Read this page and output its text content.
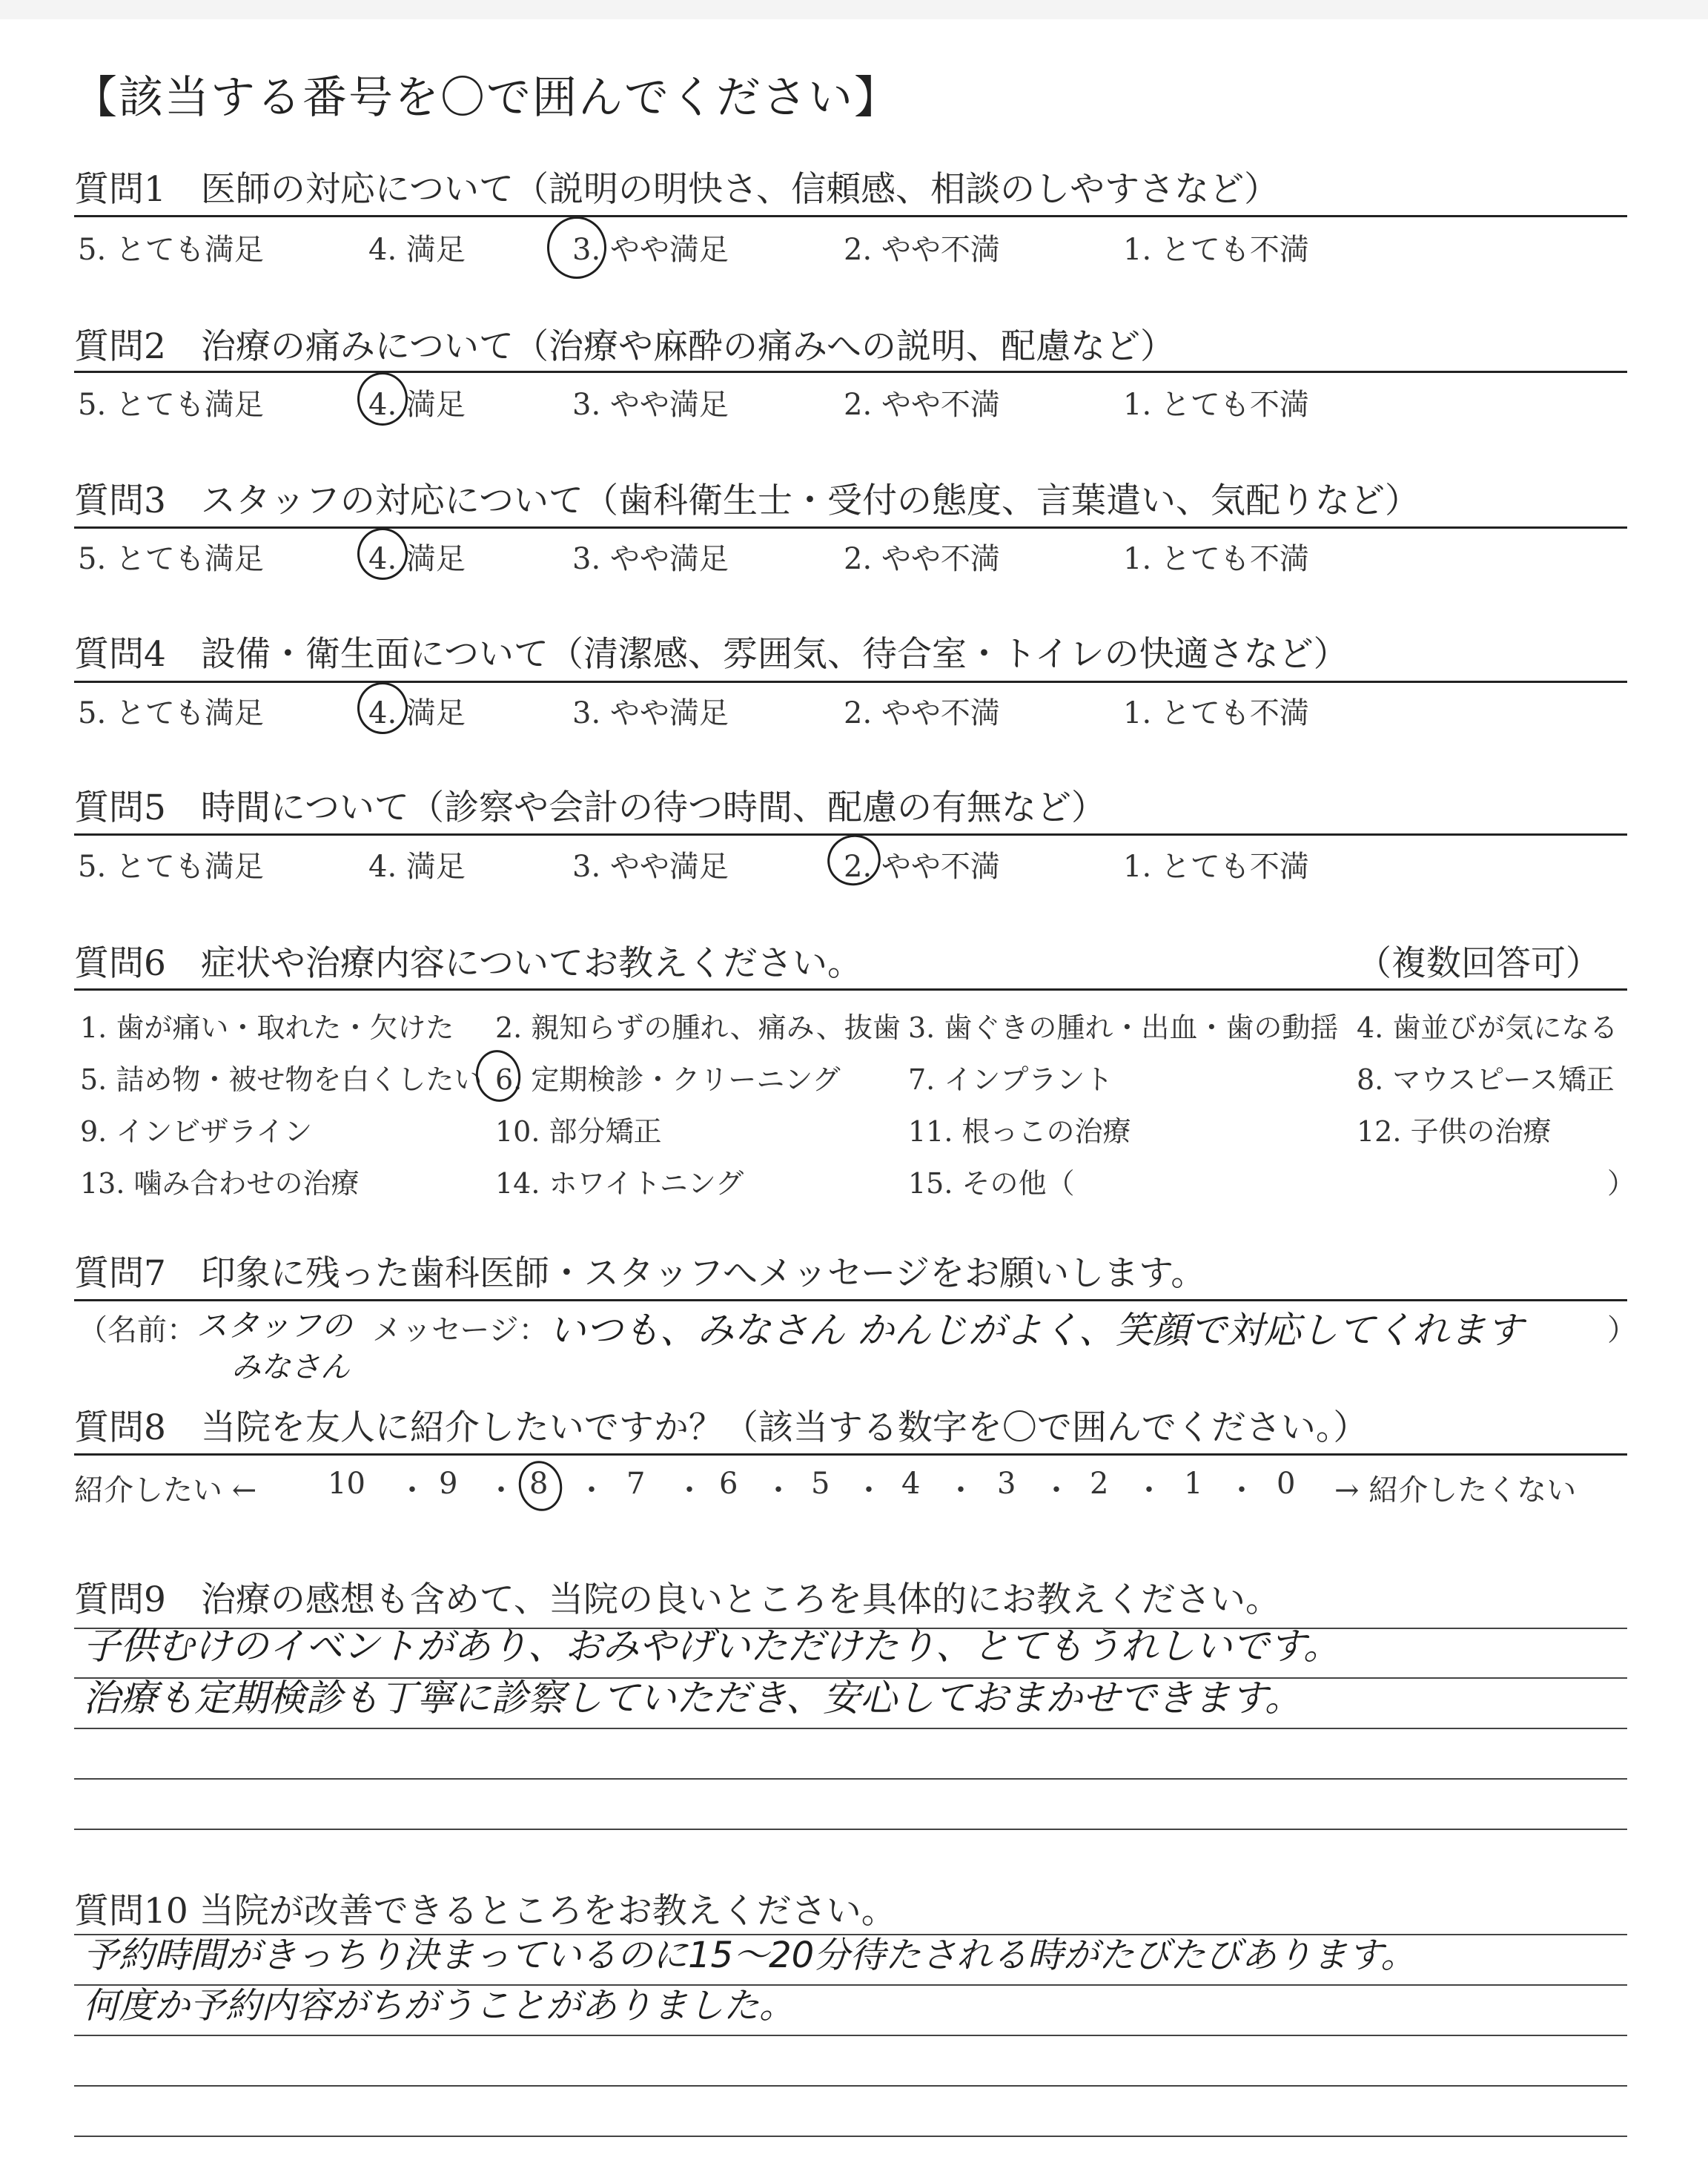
【該当する番号を〇で囲んでください】
質問1　医師の対応について（説明の明快さ、信頼感、相談のしやすさなど）
5. とても満足	4. 満足	3. やや満足	2. やや不満	1. とても不満
質問2　治療の痛みについて（治療や麻酔の痛みへの説明、配慮など）
5. とても満足	4. 満足	3. やや満足	2. やや不満	1. とても不満
質問3　スタッフの対応について（歯科衛生士・受付の態度、言葉遣い、気配りなど）
5. とても満足	4. 満足	3. やや満足	2. やや不満	1. とても不満
質問4　設備・衛生面について（清潔感、雰囲気、待合室・トイレの快適さなど）
5. とても満足	4. 満足	3. やや満足	2. やや不満	1. とても不満
質問5　時間について（診察や会計の待つ時間、配慮の有無など）
5. とても満足	4. 満足	3. やや満足	2. やや不満	1. とても不満
質問6　症状や治療内容についてお教えください。	（複数回答可）
1. 歯が痛い・取れた・欠けた 2. 親知らずの腫れ、痛み、抜歯 3. 歯ぐきの腫れ・出血・歯の動揺 4. 歯並びが気になる
5. 詰め物・被せ物を白くしたい 6. 定期検診・クリーニング 7. インプラント	8. マウスピース矯正
9. インビザライン	10. 部分矯正	11. 根っこの治療	12. 子供の治療
13. 噛み合わせの治療	14. ホワイトニング	15. その他（	）
質問7　印象に残った歯科医師・スタッフへメッセージをお願いします。
（名前： スタッフの
みなさん
メッセージ： いつも、みなさん かんじがよく、笑顔で対応してくれます	）
質問8　当院を友人に紹介したいですか？（該当する数字を〇で囲んでください。）
紹介したい ← 10 ・ 9 ・ 8 ・ 7 ・ 6 ・ 5 ・ 4 ・ 3 ・ 2 ・ 1 ・ 0 → 紹介したくない
質問9　治療の感想も含めて、当院の良いところを具体的にお教えください。
子供むけのイベントがあり、おみやげいただけたり、とてもうれしいです。
治療も定期検診も丁寧に診察していただき、安心しておまかせできます。
質問10 当院が改善できるところをお教えください。
予約時間がきっちり決まっているのに15〜20分待たされる時がたびたびあります。
何度か予約内容がちがうことがありました。
